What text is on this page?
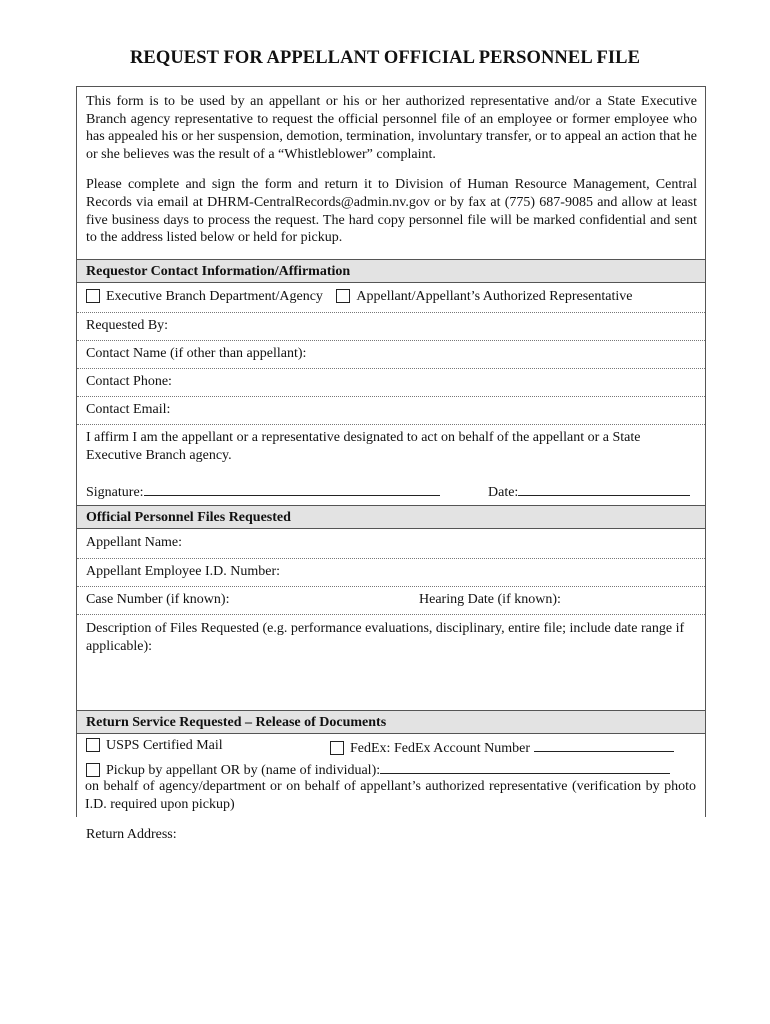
REQUEST FOR APPELLANT OFFICIAL PERSONNEL FILE

This form is to be used by an appellant or his or her authorized representative and/or a State Executive Branch agency representative to request the official personnel file of an employee or former employee who has appealed his or her suspension, demotion, termination, involuntary transfer, or to appeal an action that he or she believes was the result of a “Whistleblower” complaint.

Please complete and sign the form and return it to Division of Human Resource Management, Central Records via email at DHRM-CentralRecords@admin.nv.gov or by fax at (775) 687-9085 and allow at least five business days to process the request. The hard copy personnel file will be marked confidential and sent to the address listed below or held for pickup.

Requestor Contact Information/Affirmation
Executive Branch Department/Agency Appellant/Appellant’s Authorized Representative
Requested By:
Contact Name (if other than appellant):
Contact Phone:
Contact Email:
I affirm I am the appellant or a representative designated to act on behalf of the appellant or a State Executive Branch agency.
Signature:	Date:
Official Personnel Files Requested
Appellant Name:
Appellant Employee I.D. Number:
Case Number (if known):	Hearing Date (if known):
Description of Files Requested (e.g. performance evaluations, disciplinary, entire file; include date range if applicable):
Return Service Requested – Release of Documents
USPS Certified Mail	FedEx: FedEx Account Number
Pickup by appellant OR by (name of individual):
on behalf of agency/department or on behalf of appellant’s authorized representative (verification by photo I.D. required upon pickup)
Return Address:
